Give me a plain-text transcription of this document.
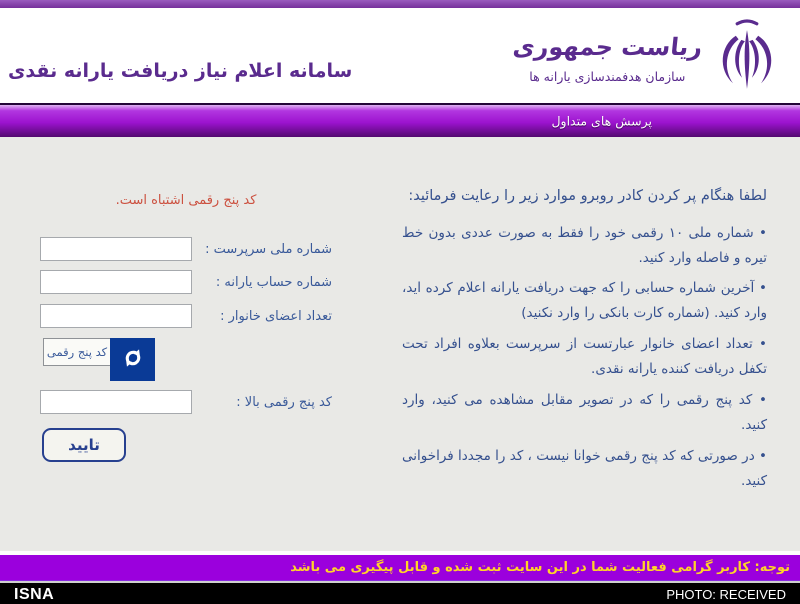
سامانه اعلام نیاز دریافت یارانه نقدی
ریاست جمهوری
سازمان هدفمندسازی یارانه ها
پرسش های متداول
کد پنج رقمی اشتباه است.
شماره ملی سرپرست :
شماره حساب یارانه :
تعداد اعضای خانوار :
کد پنج رقمی
کد پنج رقمی بالا :
تایید

لطفا هنگام پر کردن کادر روبرو موارد زیر را رعایت فرمائید:

• شماره ملی ۱۰ رقمی خود را فقط به صورت عددی بدون خط تیره و فاصله وارد کنید.
• آخرین شماره حسابی را که جهت دریافت یارانه اعلام کرده اید، وارد کنید. (شماره کارت بانکی را وارد نکنید)
• تعداد اعضای خانوار عبارتست از سرپرست بعلاوه افراد تحت تکفل دریافت کننده یارانه نقدی.
• کد پنج رقمی را که در تصویر مقابل مشاهده می کنید، وارد کنید.
• در صورتی که کد پنج رقمی خوانا نیست ، کد را مجددا فراخوانی کنید.
توجه: کاربر گرامی فعالیت شما در این سایت ثبت شده و قابل پیگیری می باشد
ISNA	PHOTO: RECEIVED
